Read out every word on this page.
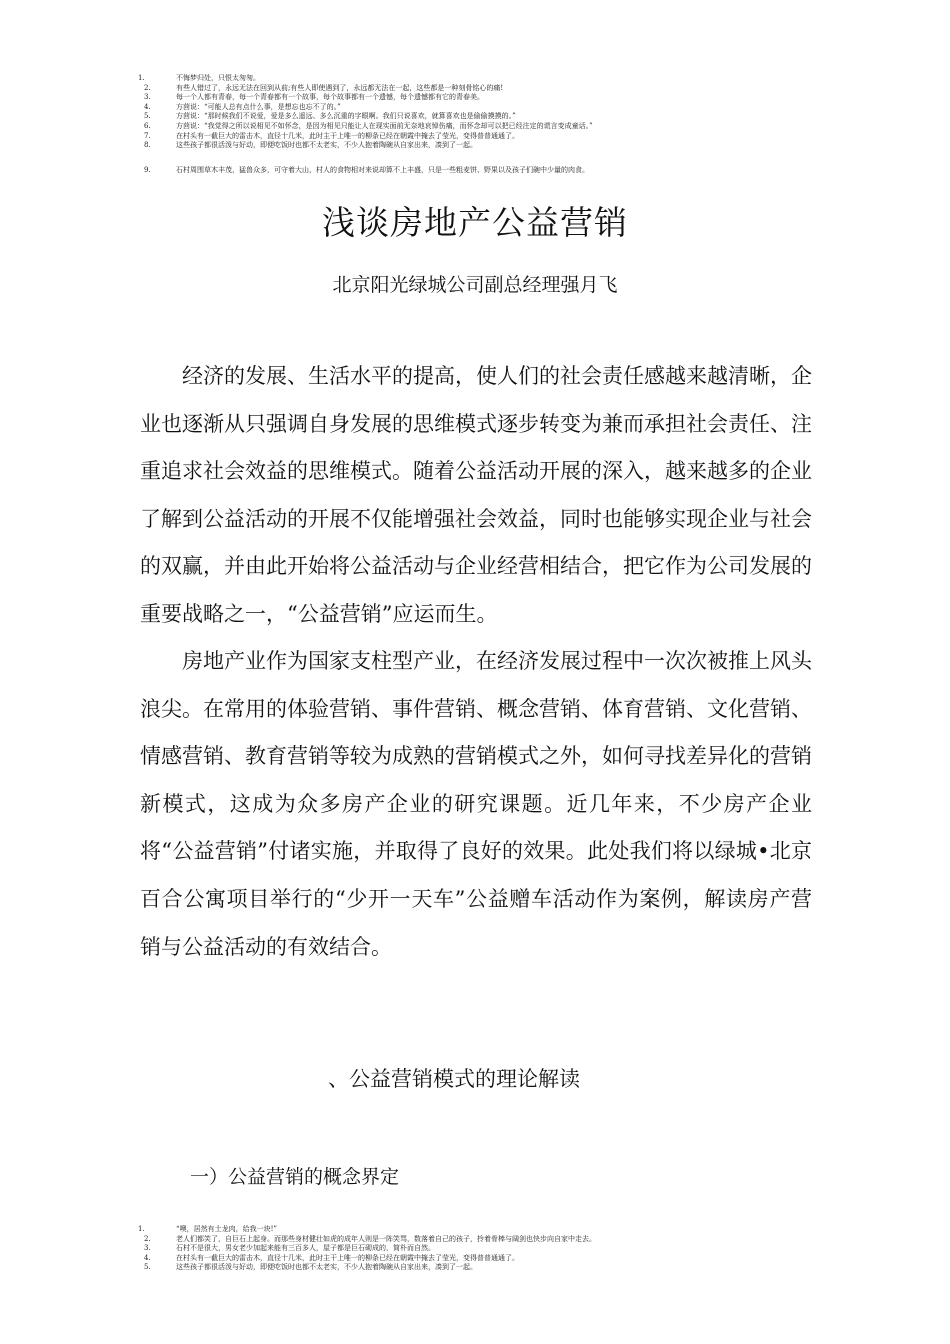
1.	不悔梦归处，只恨太匆匆。
2.	有些人错过了，永远无法在回到从前;有些人即使遇到了，永远都无法在一起，这些都是一种刻骨铭心的痛!
3.	每一个人都有青春，每一个青春都有一个故事，每个故事都有一个遗憾，每个遗憾都有它的青春美。
4.	方茴说：“可能人总有点什么事，是想忘也忘不了的。”
5.	方茴说：“那时候我们不说爱，爱是多么遥远、多么沉重的字眼啊。我们只说喜欢，就算喜欢也是偷偷摸摸的。”
6.	方茴说：“我觉得之所以说相见不如怀念，是因为相见只能让人在现实面前无奈地哀悼伤痛，而怀念却可以把已经注定的谎言变成童话。”
7.	在村头有一截巨大的雷击木，直径十几米，此时主干上唯一的柳条已经在朝霞中掩去了莹光，变得普普通通了。
8.	这些孩子都很活泼与好动，即便吃饭时也都不太老实，不少人抱着陶碗从自家出来，凑到了一起。
9.	石村周围草木丰茂，猛兽众多，可守着大山，村人的食物相对来说却算不上丰盛，只是一些粗麦饼、野果以及孩子们碗中少量的肉食。
浅谈房地产公益营销

北京阳光绿城公司副总经理强月飞

经济的发展、生活水平的提高，使人们的社会责任感越来越清晰，企业也逐渐从只强调自身发展的思维模式逐步转变为兼而承担社会责任、注重追求社会效益的思维模式。随着公益活动开展的深入，越来越多的企业了解到公益活动的开展不仅能增强社会效益，同时也能够实现企业与社会的双赢，并由此开始将公益活动与企业经营相结合，把它作为公司发展的重要战略之一，“公益营销”应运而生。

房地产业作为国家支柱型产业，在经济发展过程中一次次被推上风头浪尖。在常用的体验营销、事件营销、概念营销、体育营销、文化营销、情感营销、教育营销等较为成熟的营销模式之外，如何寻找差异化的营销新模式，这成为众多房产企业的研究课题。近几年来，不少房产企业将“公益营销”付诸实施，并取得了良好的效果。此处我们将以绿城•北京百合公寓项目举行的“少开一天车”公益赠车活动作为案例，解读房产营销与公益活动的有效结合。

、公益营销模式的理论解读
一）公益营销的概念界定
1.	“噢，居然有土龙肉，给我一块!”
2.	老人们都笑了，自巨石上起身。而那些身材健壮如虎的成年人则是一阵笑骂，数落着自己的孩子，拎着骨棒与阔剑也快步向自家中走去。
3.	石村不是很大，男女老少加起来能有三百多人，屋子都是巨石砌成的，简朴而自然。
4.	在村头有一截巨大的雷击木，直径十几米，此时主干上唯一的柳条已经在朝霞中掩去了莹光，变得普普通通了。
5.	这些孩子都很活泼与好动，即便吃饭时也都不太老实，不少人抱着陶碗从自家出来，凑到了一起。
